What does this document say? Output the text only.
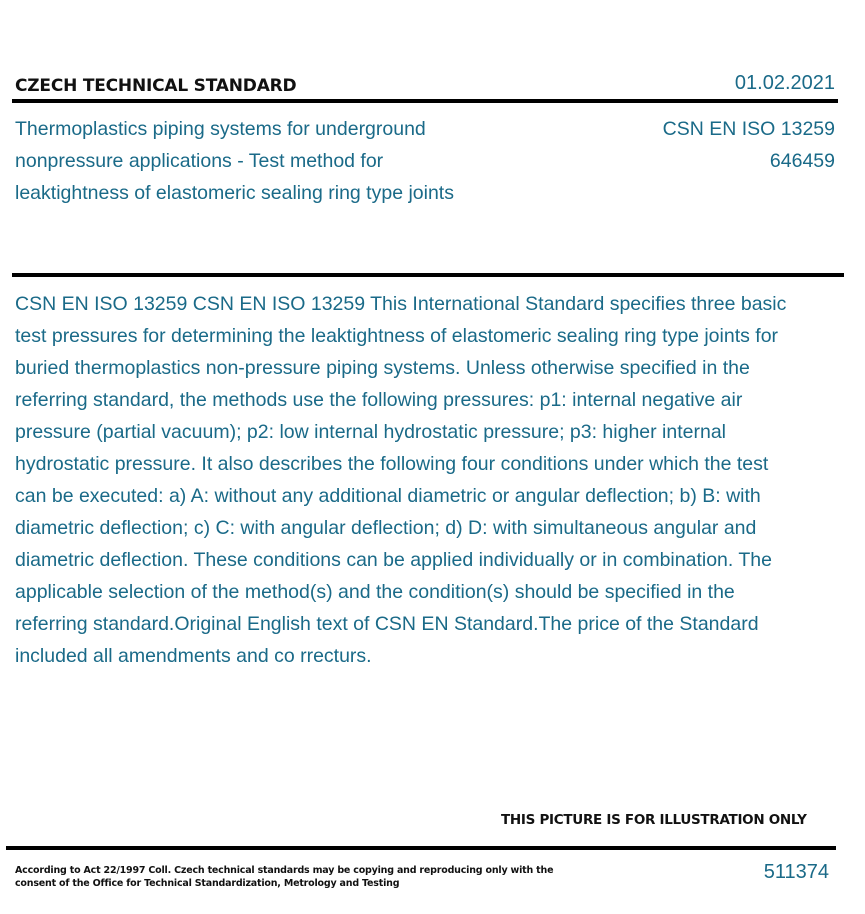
CZECH TECHNICAL STANDARD	01.02.2021
Thermoplastics piping systems for underground nonpressure applications - Test method for leaktightness of elastomeric sealing ring type joints
CSN EN ISO 13259
646459
CSN EN ISO 13259 CSN EN ISO 13259 This International Standard specifies three basic test pressures for determining the leaktightness of elastomeric sealing ring type joints for buried thermoplastics non-pressure piping systems. Unless otherwise specified in the referring standard, the methods use the following pressures: p1: internal negative air pressure (partial vacuum); p2: low internal hydrostatic pressure; p3: higher internal hydrostatic pressure. It also describes the following four conditions under which the test can be executed: a) A: without any additional diametric or angular deflection; b) B: with diametric deflection; c) C: with angular deflection; d) D: with simultaneous angular and diametric deflection. These conditions can be applied individually or in combination. The applicable selection of the method(s) and the condition(s) should be specified in the referring standard.Original English text of CSN EN Standard.The price of the Standard included all amendments and co rrecturs.
THIS PICTURE IS FOR ILLUSTRATION ONLY
According to Act 22/1997 Coll. Czech technical standards may be copying and reproducing only with the consent of the Office for Technical Standardization, Metrology and Testing
511374
